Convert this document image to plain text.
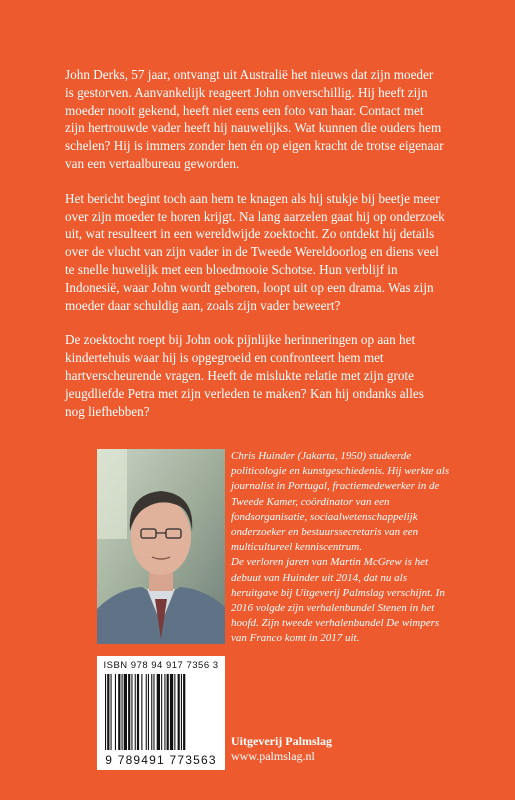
John Derks, 57 jaar, ontvangt uit Australië het nieuws dat zijn moeder is gestorven. Aanvankelijk reageert John onverschillig. Hij heeft zijn moeder nooit gekend, heeft niet eens een foto van haar. Contact met zijn hertrouwde vader heeft hij nauwelijks. Wat kunnen die ouders hem schelen? Hij is immers zonder hen én op eigen kracht de trotse eigenaar van een vertaalbureau geworden.

Het bericht begint toch aan hem te knagen als hij stukje bij beetje meer over zijn moeder te horen krijgt. Na lang aarzelen gaat hij op onderzoek uit, wat resulteert in een wereldwijde zoektocht. Zo ontdekt hij details over de vlucht van zijn vader in de Tweede Wereldoorlog en diens veel te snelle huwelijk met een bloedmooie Schotse. Hun verblijf in Indonesië, waar John wordt geboren, loopt uit op een drama. Was zijn moeder daar schuldig aan, zoals zijn vader beweert?

De zoektocht roept bij John ook pijnlijke herinneringen op aan het kindertehuis waar hij is opgegroeid en confronteert hem met hartverscheurende vragen. Heeft de mislukte relatie met zijn grote jeugdliefde Petra met zijn verleden te maken? Kan hij ondanks alles nog liefhebben?

Chris Huinder (Jakarta, 1950) studeerde politicologie en kunstgeschiedenis. Hij werkte als journalist in Portugal, fractiemedewerker in de Tweede Kamer, coördinator van een fondsorganisatie, sociaalwetenschappelijk onderzoeker en bestuurssecretaris van een multicultureel kenniscentrum.

De verloren jaren van Martin McGrew is het debuut van Huinder uit 2014, dat nu als heruitgave bij Uitgeverij Palmslag verschijnt. In 2016 volgde zijn verhalenbundel Stenen in het hoofd. Zijn tweede verhalenbundel De wimpers van Franco komt in 2017 uit.

ISBN 978 94 917 7356 3
9 789491 773563
Uitgeverij Palmslag
www.palmslag.nl
